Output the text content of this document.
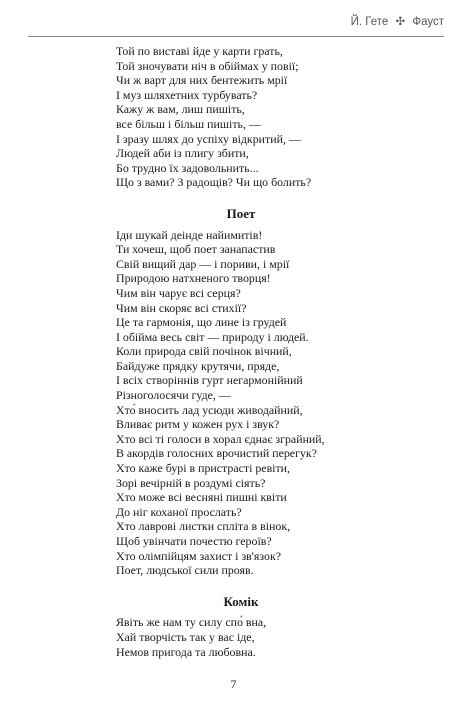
Й. Гете ✣ Фауст
Той по виставі йде у карти грать,
Той зночувати ніч в обіймах у повії;
Чи ж варт для них бентежить мрії
І муз шляхетних турбувать?
Кажу ж вам, лиш пишіть,
все більш і більш пишіть, —
І зразу шлях до успіху відкритий, —
Людей аби із плигу збити,
Бо трудно їх задовольнить...
Що з вами? З радощів? Чи що болить?
Поет
Іди шукай деінде найимитів!
Ти хочеш, щоб поет занапастив
Свій вищий дар — і пориви, і мрії
Природою натхненого творця!
Чим він чарує всі серця?
Чим він скоряє всі стихії?
Це та гармонія, що лине із грудей
І обійма весь світ — природу і людей.
Коли природа свій почінок вічний,
Байдуже прядку крутячи, пряде,
І всіх створіннів гурт негармонійний
Різноголосячи гуде, —
Хто́ вносить лад усюди живодайний,
Вливає ритм у кожен рух і звук?
Хто всі ті голоси в хорал єднає зграйний,
В акордів голосних врочистий перегук?
Хто каже бурі в пристрасті ревіти,
Зорі вечірній в роздумі сіять?
Хто може всі весняні пишні квіти
До ніг коханої прослать?
Хто лаврові листки спліта в вінок,
Щоб увінчати почестю героїв?
Хто олімпійцям захист і зв'язок?
Поет, людської сили прояв.
Комік
Явіть же нам ту силу спо́ вна,
Хай творчість так у вас іде,
Немов пригода та любовна.
7
